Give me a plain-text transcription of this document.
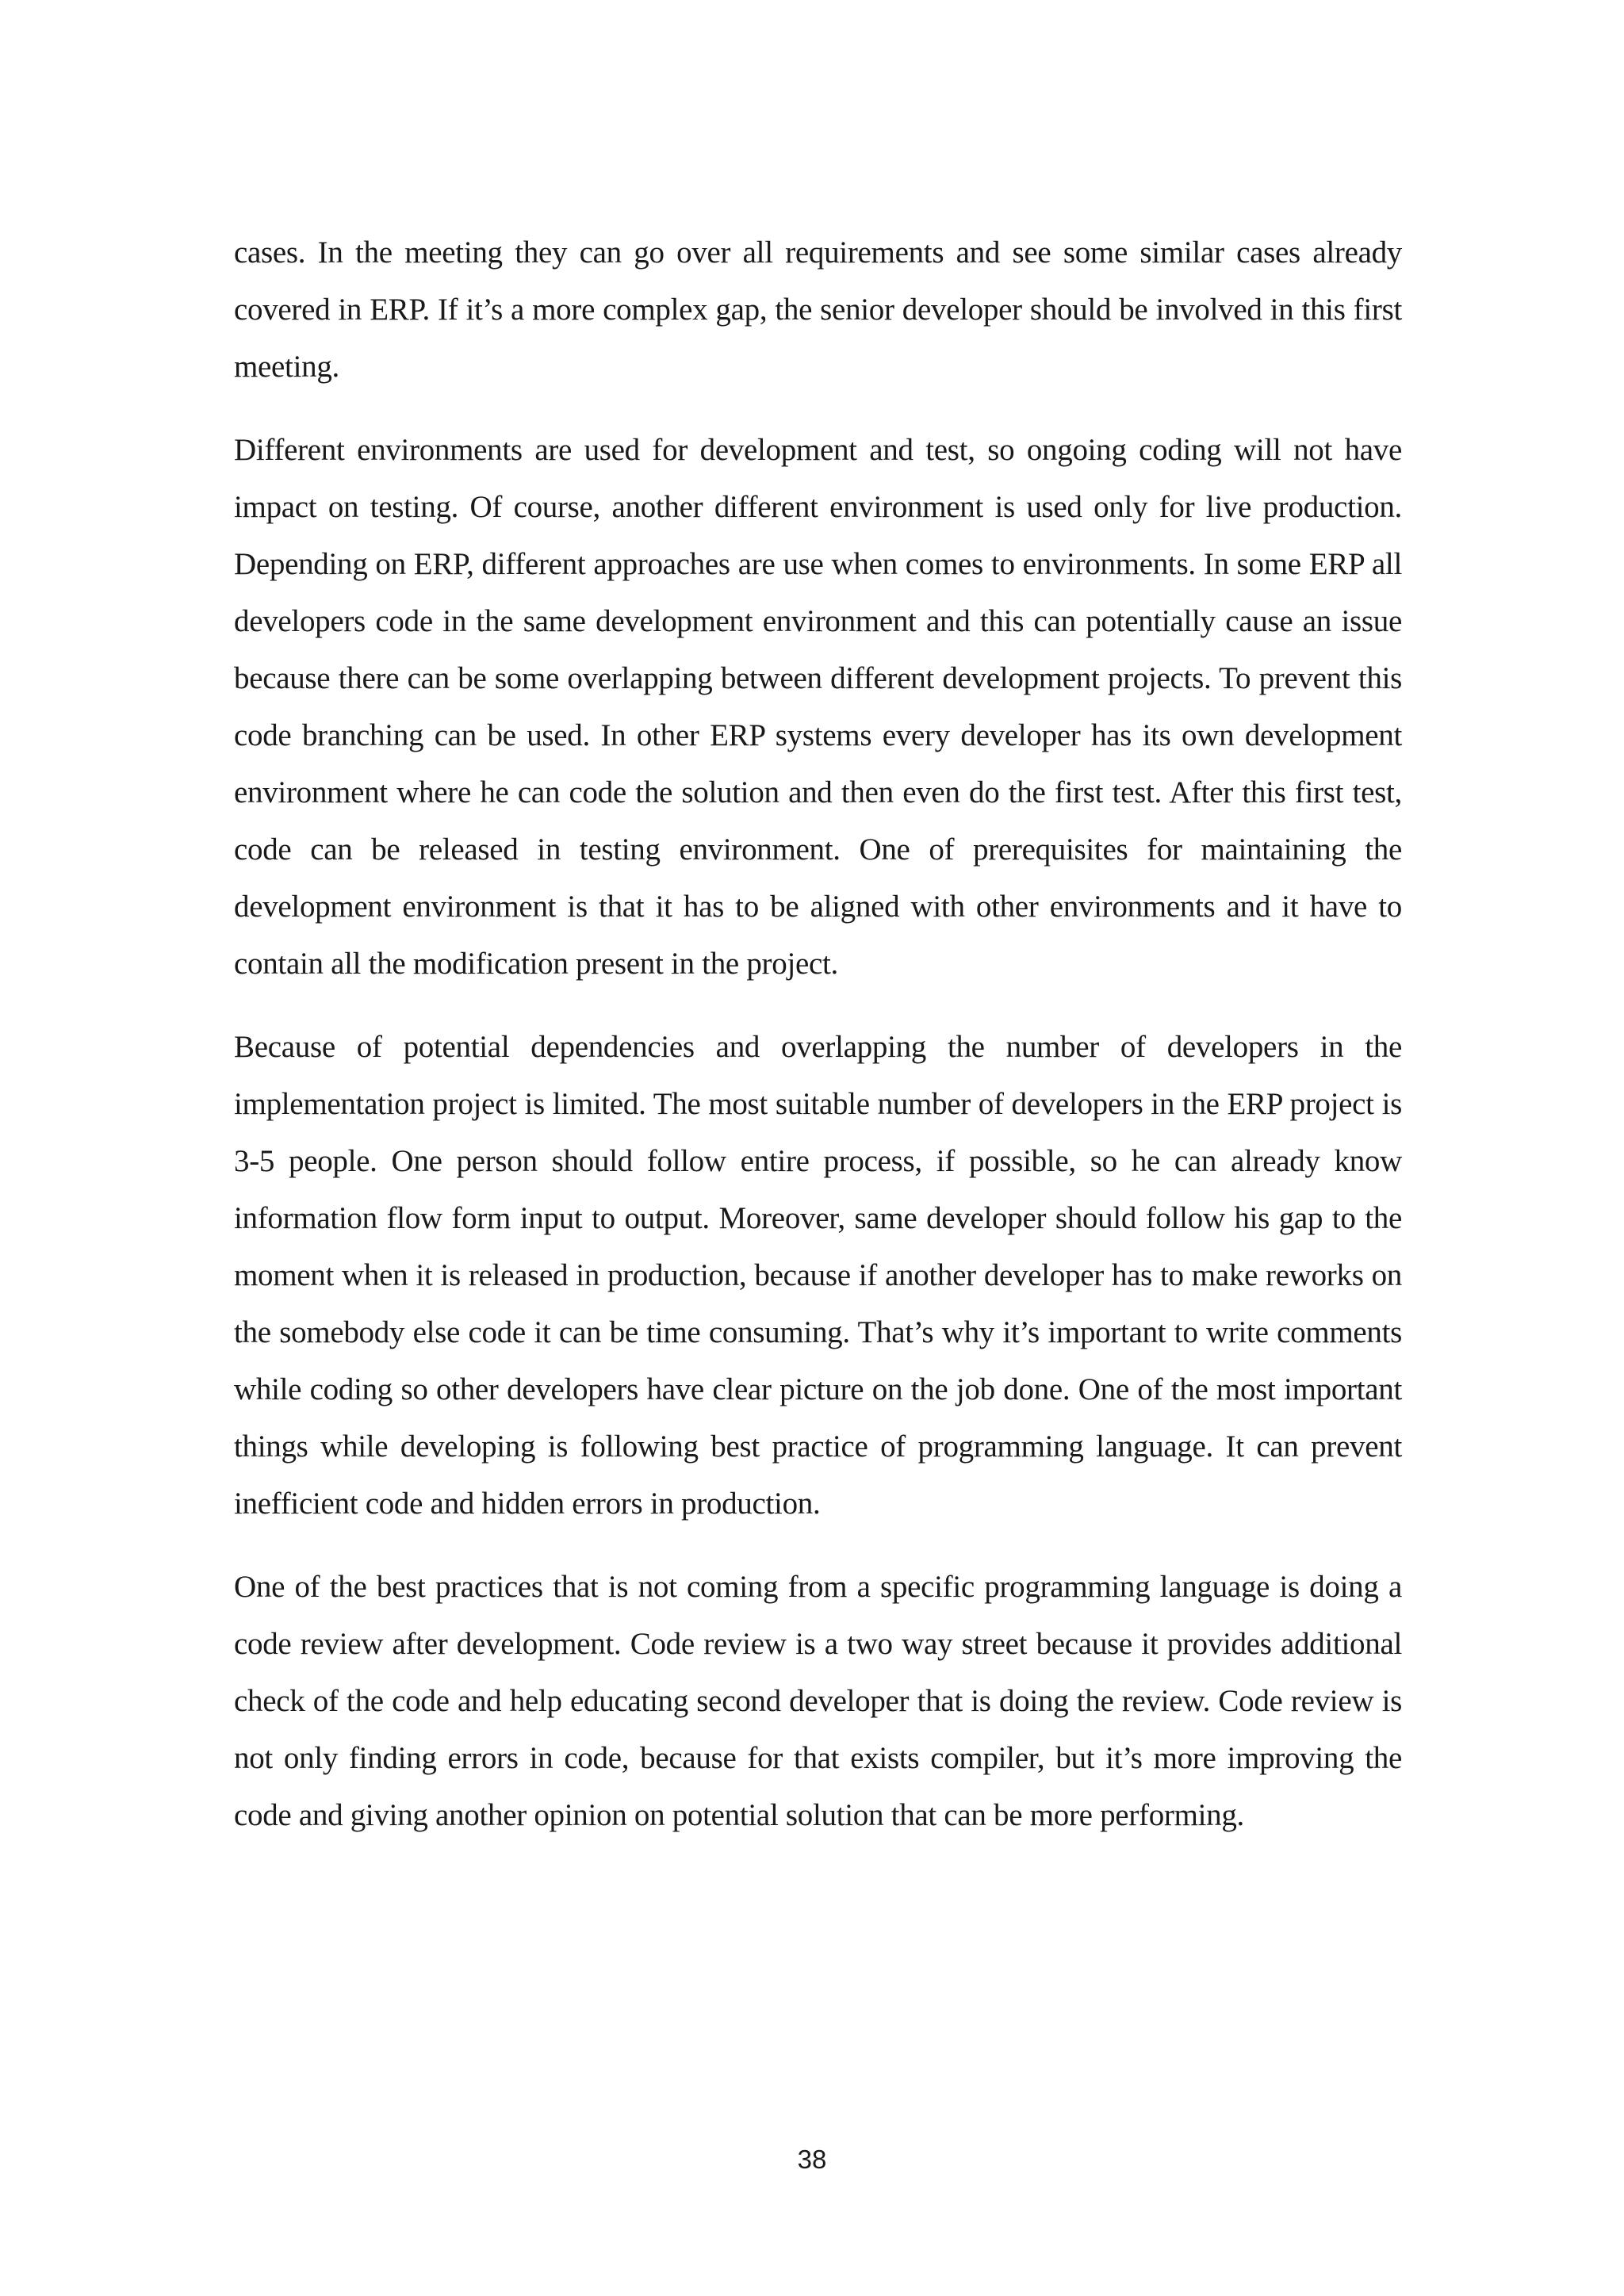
cases. In the meeting they can go over all requirements and see some similar cases already covered in ERP. If it’s a more complex gap, the senior developer should be involved in this first meeting.

Different environments are used for development and test, so ongoing coding will not have impact on testing. Of course, another different environment is used only for live production. Depending on ERP, different approaches are use when comes to environments. In some ERP all developers code in the same development environment and this can potentially cause an issue because there can be some overlapping between different development projects. To prevent this code branching can be used. In other ERP systems every developer has its own development environment where he can code the solution and then even do the first test. After this first test, code can be released in testing environment. One of prerequisites for maintaining the development environment is that it has to be aligned with other environments and it have to contain all the modification present in the project.

Because of potential dependencies and overlapping the number of developers in the implementation project is limited. The most suitable number of developers in the ERP project is 3-5 people. One person should follow entire process, if possible, so he can already know information flow form input to output. Moreover, same developer should follow his gap to the moment when it is released in production, because if another developer has to make reworks on the somebody else code it can be time consuming. That’s why it’s important to write comments while coding so other developers have clear picture on the job done. One of the most important things while developing is following best practice of programming language. It can prevent inefficient code and hidden errors in production.

One of the best practices that is not coming from a specific programming language is doing a code review after development. Code review is a two way street because it provides additional check of the code and help educating second developer that is doing the review. Code review is not only finding errors in code, because for that exists compiler, but it’s more improving the code and giving another opinion on potential solution that can be more performing.

38
